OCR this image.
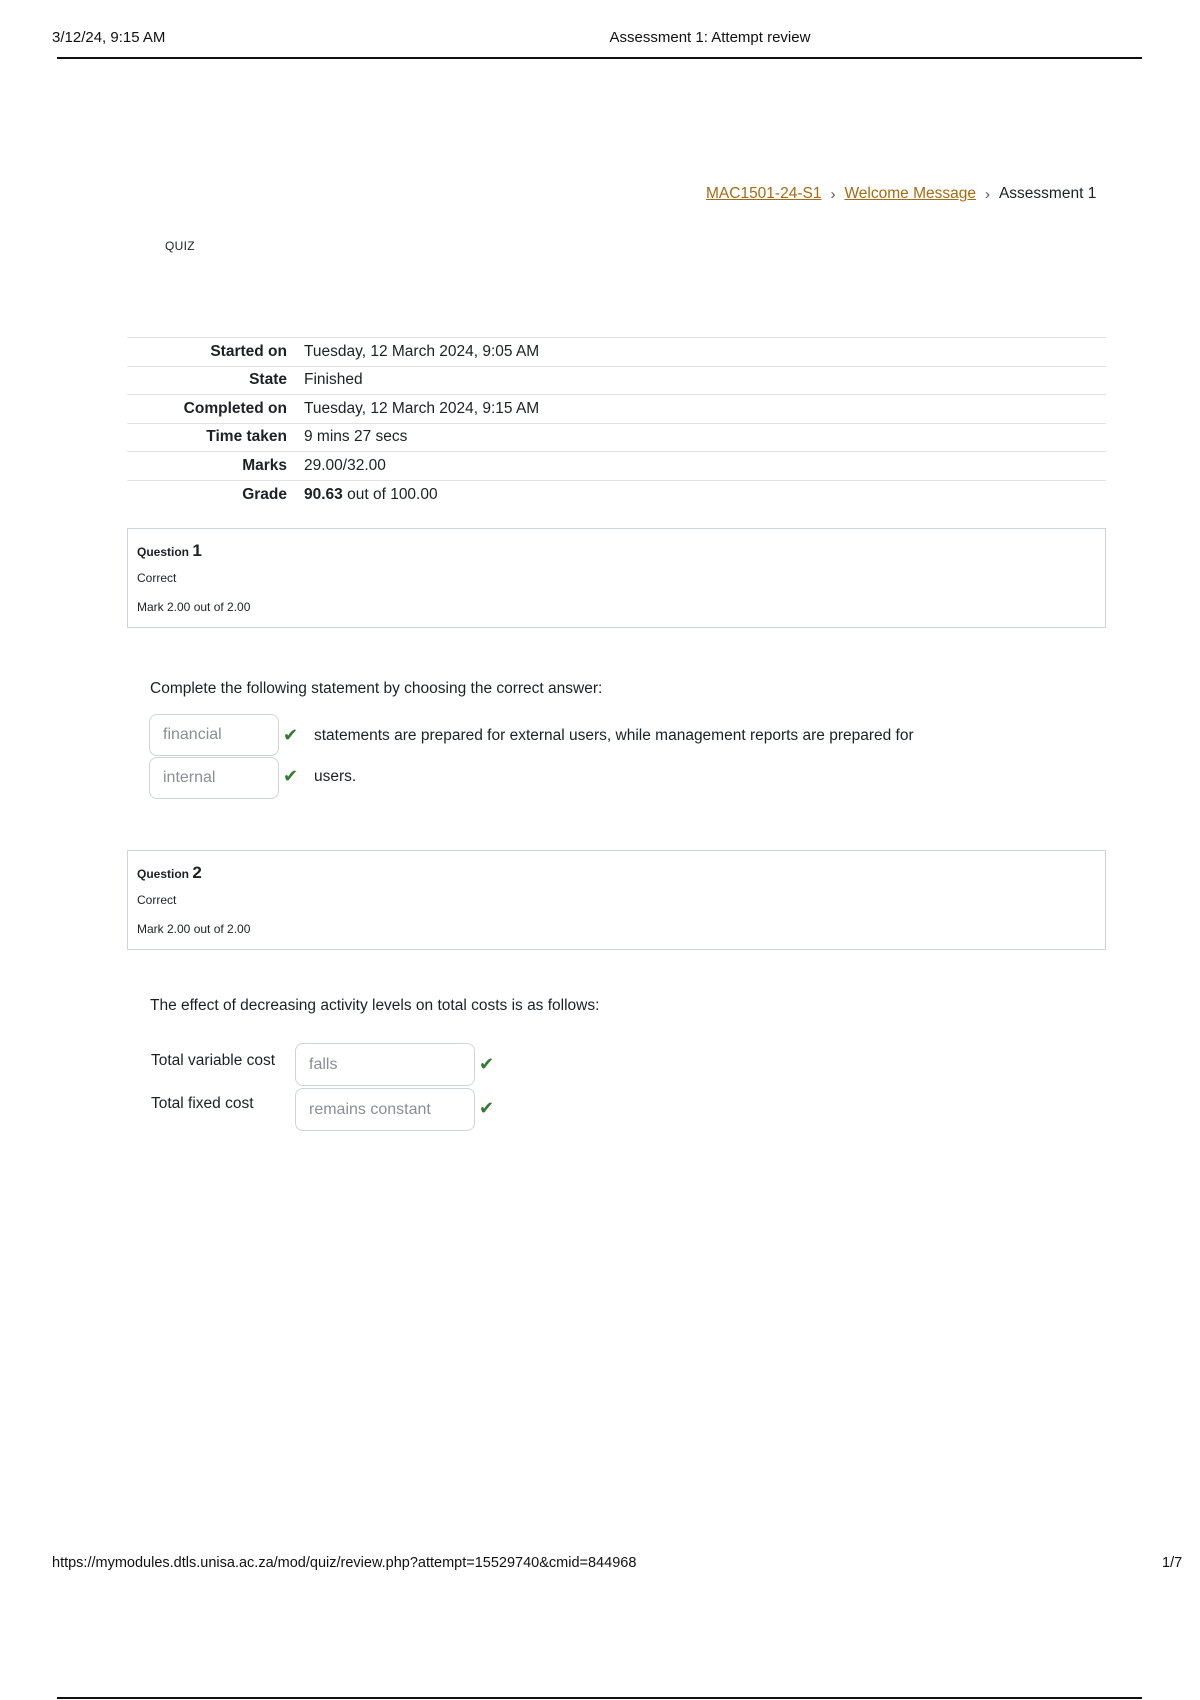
3/12/24, 9:15 AM	Assessment 1: Attempt review
MAC1501-24-S1 › Welcome Message › Assessment 1
QUIZ
Started on	Tuesday, 12 March 2024, 9:05 AM
State	Finished
Completed on	Tuesday, 12 March 2024, 9:15 AM
Time taken	9 mins 27 secs
Marks	29.00/32.00
Grade	90.63 out of 100.00
Question 1
Correct
Mark 2.00 out of 2.00
Complete the following statement by choosing the correct answer:
financial	✔ statements are prepared for external users, while management reports are prepared for
internal	✔ users.
Question 2
Correct
Mark 2.00 out of 2.00
The effect of decreasing activity levels on total costs is as follows:
Total variable cost	falls	✔
Total fixed cost	remains constant	✔
https://mymodules.dtls.unisa.ac.za/mod/quiz/review.php?attempt=15529740&cmid=844968	1/7
